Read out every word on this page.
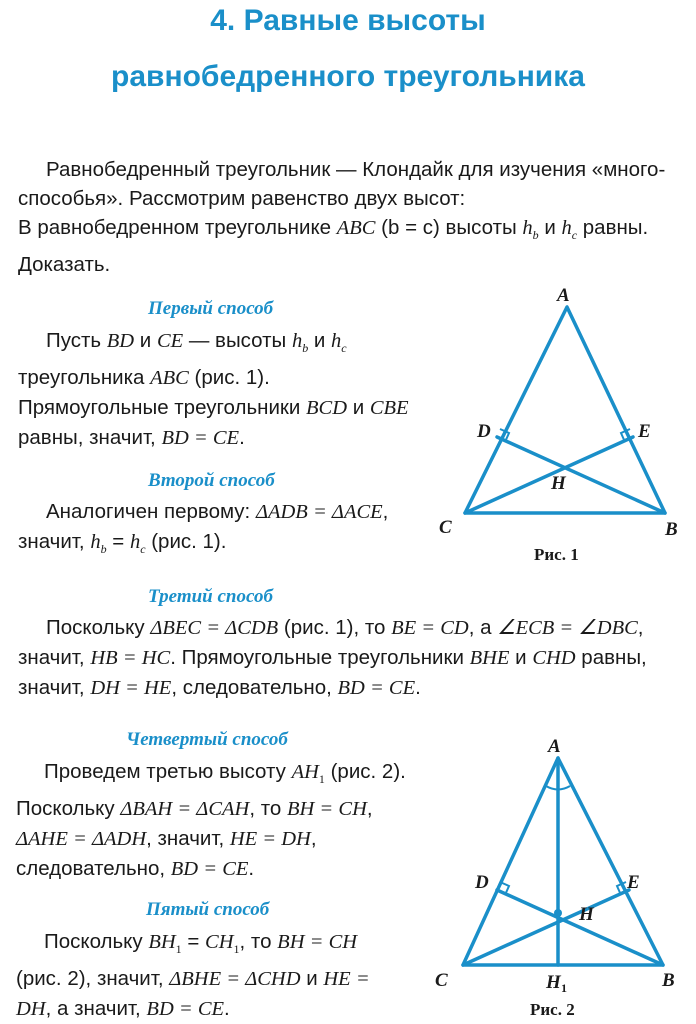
4. Равные высоты
равнобедренного треугольника

Равнобедренный треугольник — Клондайк для изучения «много-способья». Рассмотрим равенство двух высот:
В равнобедренном треугольнике ABC (b = c) высоты $h_b$ и $h_c$ равны. Доказать.

Первый способ

Пусть BD и CE — высоты $h_b$ и $h_c$ треугольника ABC (рис. 1). Прямоугольные треугольники BCD и CBE равны, значит, BD = CE.

Второй способ

Аналогичен первому: ΔADB = ΔACE, значит, $h_b = h_c$ (рис. 1).

A
D	E
H
C	B
Рис. 1
Третий способ

Поскольку ΔBEC = ΔCDB (рис. 1), то BE = CD, а ∠ECB = ∠DBC, значит, HB = HC. Прямоугольные треугольники BHE и CHD равны, значит, DH = HE, следовательно, BD = CE.

Четвертый способ

Проведем третью высоту $AH_1$ (рис. 2). Поскольку ΔBAH = ΔCAH, то BH = CH, ΔAHE = ΔADH, значит, HE = DH, следовательно, BD = CE.

Пятый способ

Поскольку $BH_1 = CH_1$, то BH = CH (рис. 2), значит, ΔBHE = ΔCHD и HE = DH, а значит, BD = CE.

A
D	E
H
C	B
H 1
Рис. 2
